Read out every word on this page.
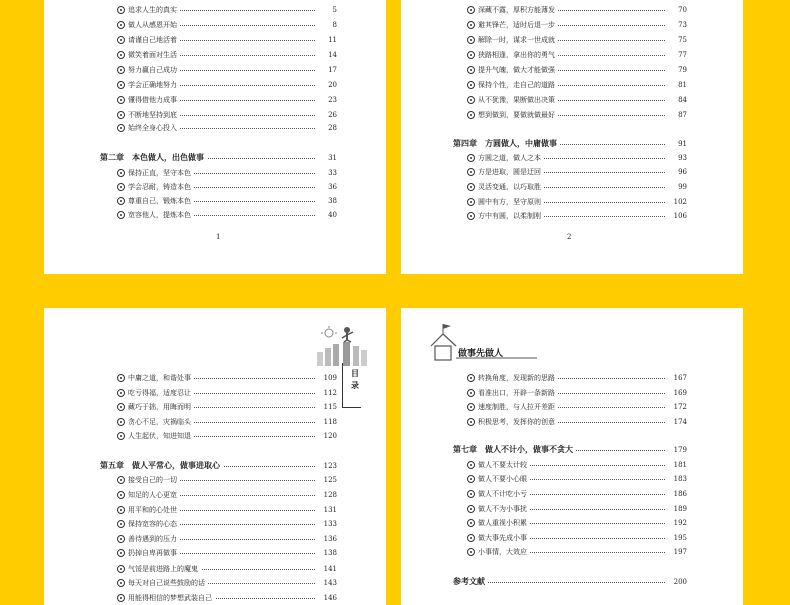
追求人生的真实	5
做人从感恩开始	8
请谨自己地活着	11
微笑着面对生活	14
努力赢自己成功	17
学会正确地努力	20
懂得借他力成事	23
不断地坚持到底	26
始终全身心投入	28
第二章　本色做人，出色做事	31
保持正直，坚守本色	33
学会忍耐，铸造本色	36
尊重自己，锻炼本色	38
宽容他人，提炼本色	40
1
深藏不露，厚积方能薄发	70
避其锋芒，适时后退一步	73
解除一时，谋求一世成就	75
狭路相逢，拿出你的勇气	77
提升气魄，做大才能做强	79
保持个性，走自己的道路	81
从不犹豫，果断做出决策	84
想到做到，要做就做最好	87
第四章　方圆做人，中庸做事	91
方圆之道，做人之本	93
方是进取，圆是迂回	96
灵活变通，以巧取胜	99
圆中有方，坚守原则	102
方中有圆，以柔制刚	106
2
目录
中庸之道，和谐处事	109
吃亏得福，适度忍让	112
藏巧于拙，用晦而明	115
贪心不足，灾祸临头	118
人生起伏，知进知退	120
第五章　做人平常心，做事进取心	123
接受自己的一切	125
知足的人心更宽	128
用平和的心处世	131
保持宽容的心态	133
善待遇到的压力	136
扔掉自卑再做事	138
气馁是前进路上的魔鬼	141
每天对自己说些鼓励的话	143
用能得相信的梦想武装自己	146
做事先做人
转换角度，发现新的思路	167
看准出口，开辟一条新路	169
速度制胜，与人拉开差距	172
积极思考，发挥你的创意	174
第七章　做人不计小，做事不贪大	179
做人不要太计较	181
做人不要小心眼	183
做人不计吃小亏	186
做人不为小事扰	189
做人重视小积累	192
做大事先成小事	195
小事情，大效应	197
参考文献	200
